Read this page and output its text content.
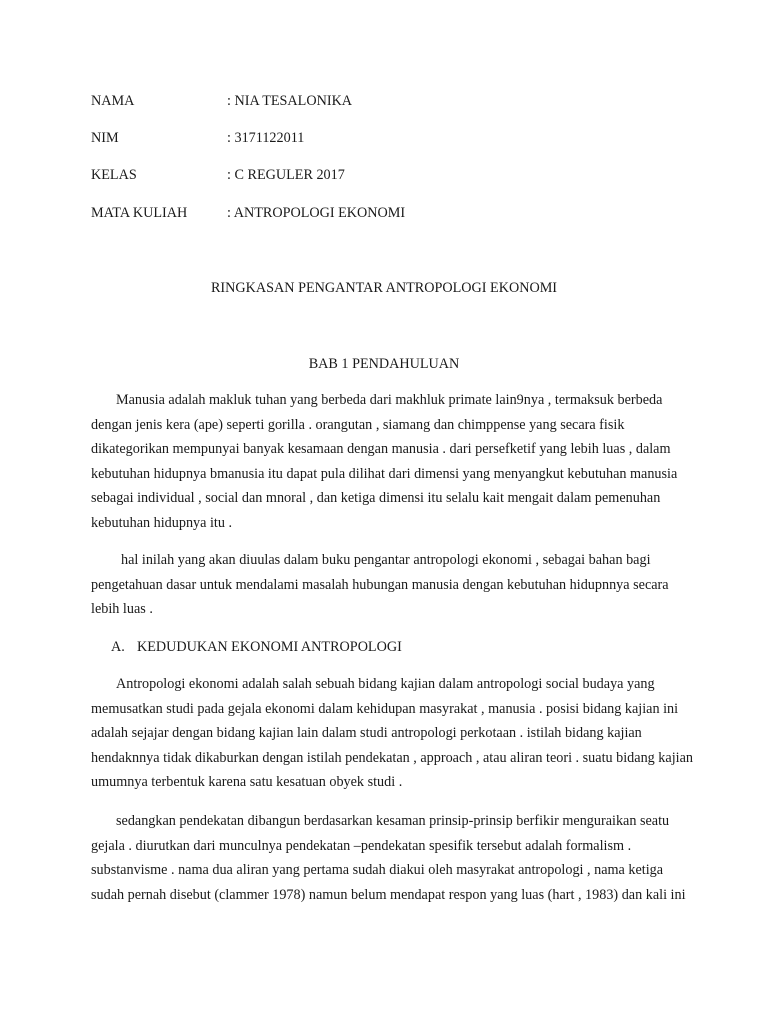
NAMA	: NIA TESALONIKA
NIM	: 3171122011
KELAS	: C REGULER 2017
MATA KULIAH	: ANTROPOLOGI EKONOMI
RINGKASAN PENGANTAR ANTROPOLOGI EKONOMI
BAB 1 PENDAHULUAN
Manusia adalah makluk tuhan yang berbeda dari makhluk primate lain9nya , termaksuk berbeda
dengan jenis kera (ape) seperti gorilla . orangutan , siamang dan chimppense yang secara fisik
dikategorikan mempunyai banyak kesamaan dengan manusia . dari persefketif yang lebih luas , dalam
kebutuhan hidupnya bmanusia itu dapat pula dilihat dari dimensi yang menyangkut kebutuhan manusia
sebagai individual , social dan mnoral , dan ketiga dimensi itu selalu kait mengait dalam pemenuhan
kebutuhan hidupnya itu .
hal inilah yang akan diuulas dalam buku pengantar antropologi ekonomi , sebagai bahan bagi
pengetahuan dasar untuk mendalami masalah hubungan manusia dengan kebutuhan hidupnnya secara
lebih luas .
A. KEDUDUKAN EKONOMI ANTROPOLOGI
Antropologi ekonomi adalah salah sebuah bidang kajian dalam antropologi social budaya yang
memusatkan studi pada gejala ekonomi dalam kehidupan masyrakat , manusia . posisi bidang kajian ini
adalah sejajar dengan bidang kajian lain dalam studi antropologi perkotaan . istilah bidang kajian
hendaknnya tidak dikaburkan dengan istilah pendekatan , approach , atau aliran teori . suatu bidang kajian
umumnya terbentuk karena satu kesatuan obyek studi .
sedangkan pendekatan dibangun berdasarkan kesaman prinsip-prinsip berfikir menguraikan seatu
gejala . diurutkan dari munculnya pendekatan –pendekatan spesifik tersebut adalah formalism .
substanvisme . nama dua aliran yang pertama sudah diakui oleh masyrakat antropologi , nama ketiga
sudah pernah disebut (clammer 1978) namun belum mendapat respon yang luas (hart , 1983) dan kali ini
